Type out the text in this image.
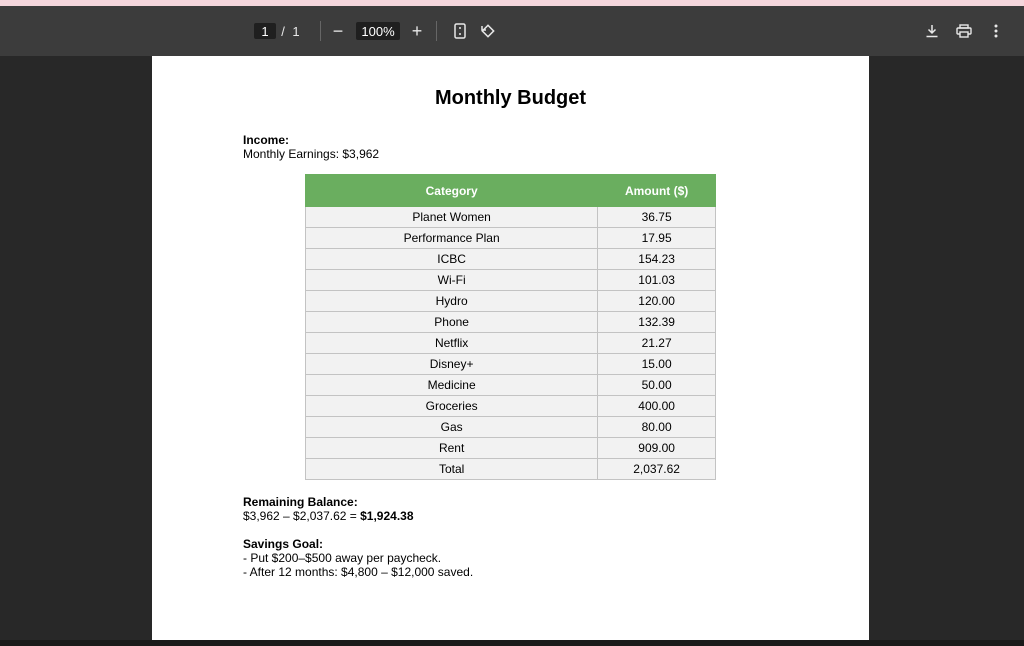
1 / 1	−	100% +
Monthly Budget
Income:
Monthly Earnings: $3,962
Category	Amount ($)
Planet Women	36.75
Performance Plan	17.95
ICBC	154.23
Wi-Fi	101.03
Hydro	120.00
Phone	132.39
Netflix	21.27
Disney+	15.00
Medicine	50.00
Groceries	400.00
Gas	80.00
Rent	909.00
Total	2,037.62
Remaining Balance:
$3,962 – $2,037.62 = $1,924.38
Savings Goal:
- Put $200–$500 away per paycheck.
- After 12 months: $4,800 – $12,000 saved.
